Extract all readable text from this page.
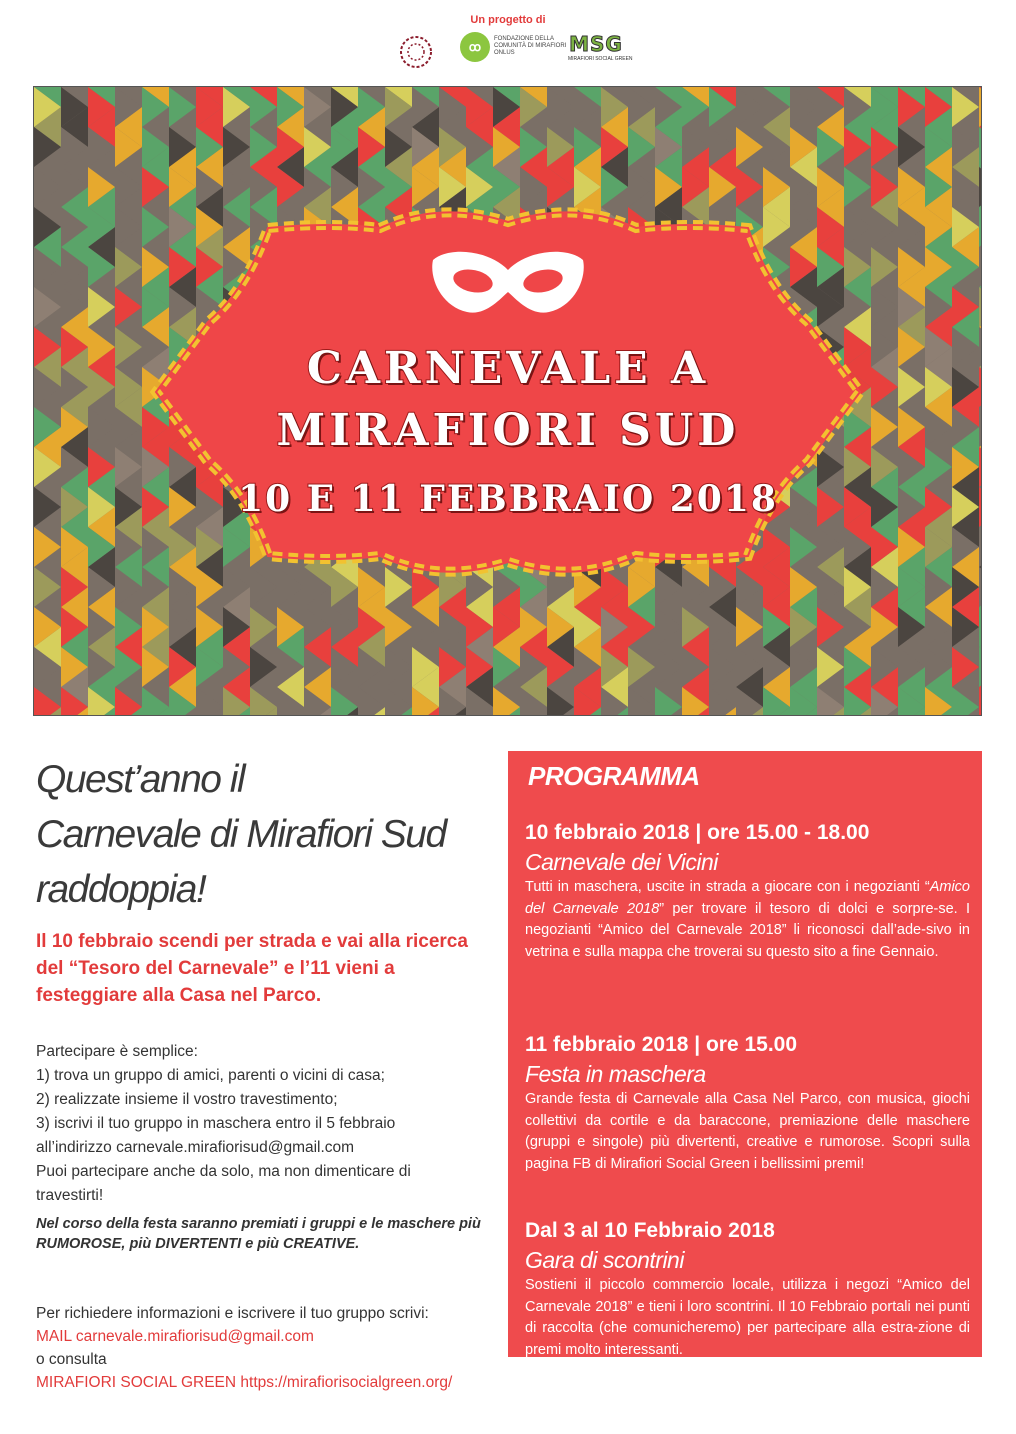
Un progetto di
ꝏ
FONDAZIONE DELLA COMUNITÀ DI MIRAFIORI ONLUS	MSG
MIRAFIORI SOCIAL GREEN
CARNEVALE A
MIRAFIORI SUD
10 E 11 FEBBRAIO 2018
Quest’anno il
Carnevale di Mirafiori Sud
raddoppia!
Il 10 febbraio scendi per strada e vai alla ricerca del “Tesoro del Carnevale” e l’11 vieni a festeggiare alla Casa nel Parco.
Partecipare è semplice:
1) trova un gruppo di amici, parenti o vicini di casa;
2) realizzate insieme il vostro travestimento;
3) iscrivi il tuo gruppo in maschera entro il 5 febbraio
all’indirizzo carnevale.mirafiorisud@gmail.com
Puoi partecipare anche da solo, ma non dimenticare di
travestirti!
Nel corso della festa saranno premiati i gruppi e le maschere più RUMOROSE, più DIVERTENTI e più CREATIVE.
Per richiedere informazioni e iscrivere il tuo gruppo scrivi:
MAIL carnevale.mirafiorisud@gmail.com
o consulta
MIRAFIORI SOCIAL GREEN https://mirafiorisocialgreen.org/
PROGRAMMA
10 febbraio 2018 | ore 15.00 - 18.00
Carnevale dei Vicini
Tutti in maschera, uscite in strada a giocare con i negozianti “Amico del Carnevale 2018” per trovare il tesoro di dolci e sorpre-se. I negozianti “Amico del Carnevale 2018” li riconosci dall’ade-sivo in vetrina e sulla mappa che troverai su questo sito a fine Gennaio.
11 febbraio 2018 | ore 15.00
Festa in maschera
Grande festa di Carnevale alla Casa Nel Parco, con musica, giochi collettivi da cortile e da baraccone, premiazione delle maschere (gruppi e singole) più divertenti, creative e rumorose. Scopri sulla pagina FB di Mirafiori Social Green i bellissimi premi!
Dal 3 al 10 Febbraio 2018
Gara di scontrini
Sostieni il piccolo commercio locale, utilizza i negozi “Amico del Carnevale 2018” e tieni i loro scontrini. Il 10 Febbraio portali nei punti di raccolta (che comunicheremo) per partecipare alla estra-zione di premi molto interessanti.
